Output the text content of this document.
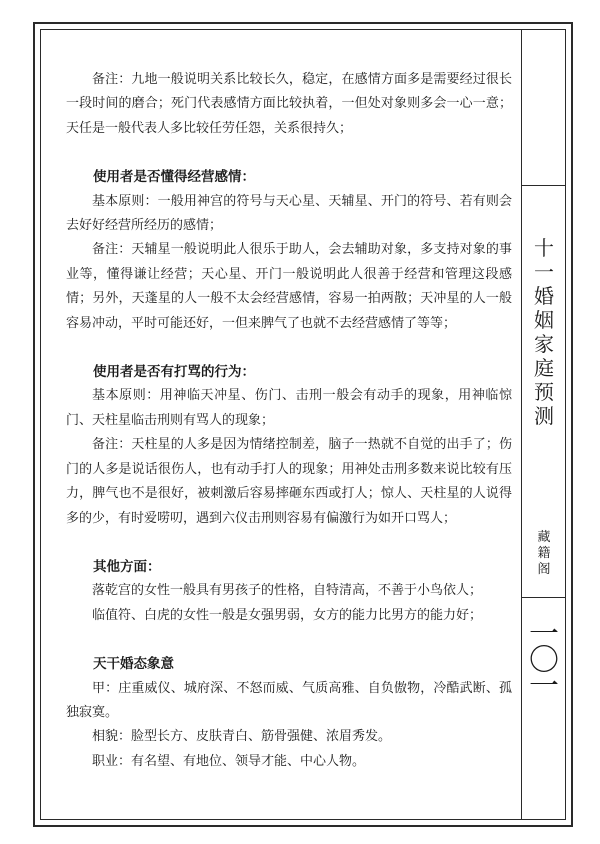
十
一
婚
姻
家
庭
预
测
藏
籍
阁
一
〇
一

备注：九地一般说明关系比较长久，稳定，在感情方面多是需要经过很长一段时间的磨合；死门代表感情方面比较执着，一但处对象则多会一心一意；天任是一般代表人多比较任劳任怨，关系很持久；

使用者是否懂得经营感情：

基本原则：一般用神宫的符号与天心星、天辅星、开门的符号、若有则会去好好经营所经历的感情；

备注：天辅星一般说明此人很乐于助人，会去辅助对象，多支持对象的事业等，懂得谦让经营；天心星、开门一般说明此人很善于经营和管理这段感情；另外，天蓬星的人一般不太会经营感情，容易一拍两散；天冲星的人一般容易冲动，平时可能还好，一但来脾气了也就不去经营感情了等等；

使用者是否有打骂的行为：

基本原则：用神临天冲星、伤门、击刑一般会有动手的现象，用神临惊门、天柱星临击刑则有骂人的现象；

备注：天柱星的人多是因为情绪控制差，脑子一热就不自觉的出手了；伤门的人多是说话很伤人，也有动手打人的现象；用神处击刑多数来说比较有压力，脾气也不是很好，被刺激后容易摔砸东西或打人；惊人、天柱星的人说得多的少，有时爱唠叨，遇到六仪击刑则容易有偏激行为如开口骂人；

其他方面：

落乾宫的女性一般具有男孩子的性格，自特清高，不善于小鸟依人；

临值符、白虎的女性一般是女强男弱，女方的能力比男方的能力好；

天干婚态象意

甲：庄重威仪、城府深、不怒而威、气质高雅、自负傲物，冷酷武断、孤独寂寞。

相貌：脸型长方、皮肤青白、筋骨强健、浓眉秀发。

职业：有名望、有地位、领导才能、中心人物。
